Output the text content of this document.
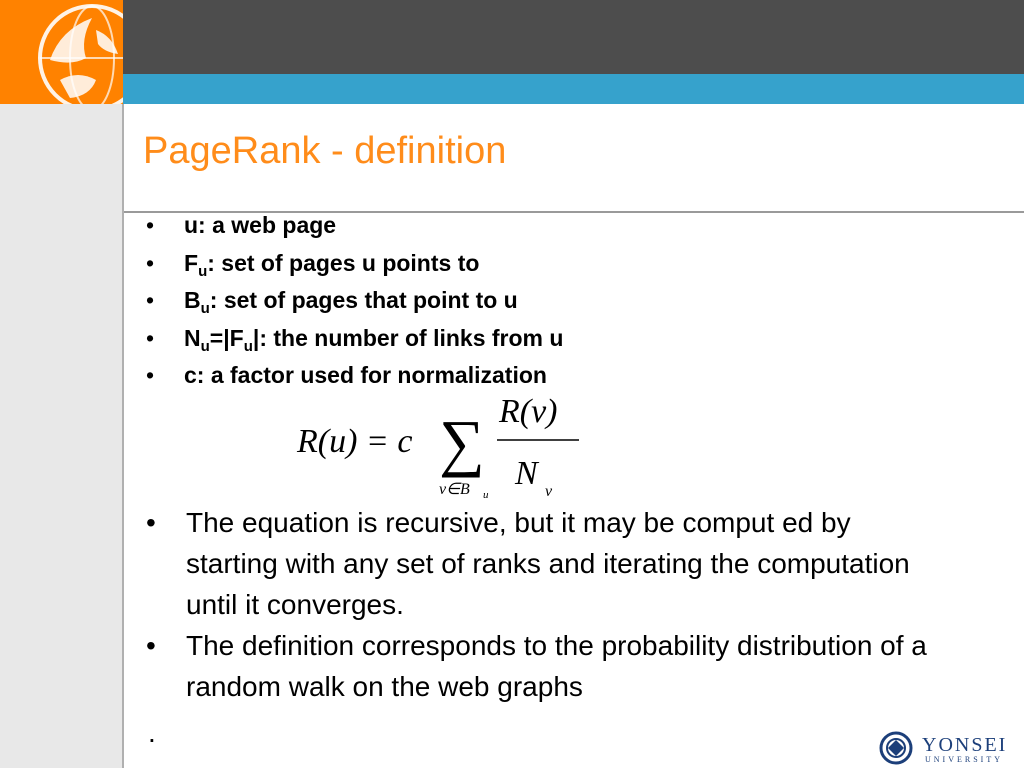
PageRank - definition
• u: a web page
• $F_u$: set of pages u points to
• $B_u$: set of pages that point to u
• $N_u=|F_u|$: the number of links from u
• c: a factor used for normalization
R(u) = c ∑
v∈B u
R(v)
N v
• The equation is recursive, but it may be comput ed by starting with any set of ranks and iterating the computation until it converges.
• The definition corresponds to the probability distribution of a random walk on the web graphs
.	YONSEI
UNIVERSITY
